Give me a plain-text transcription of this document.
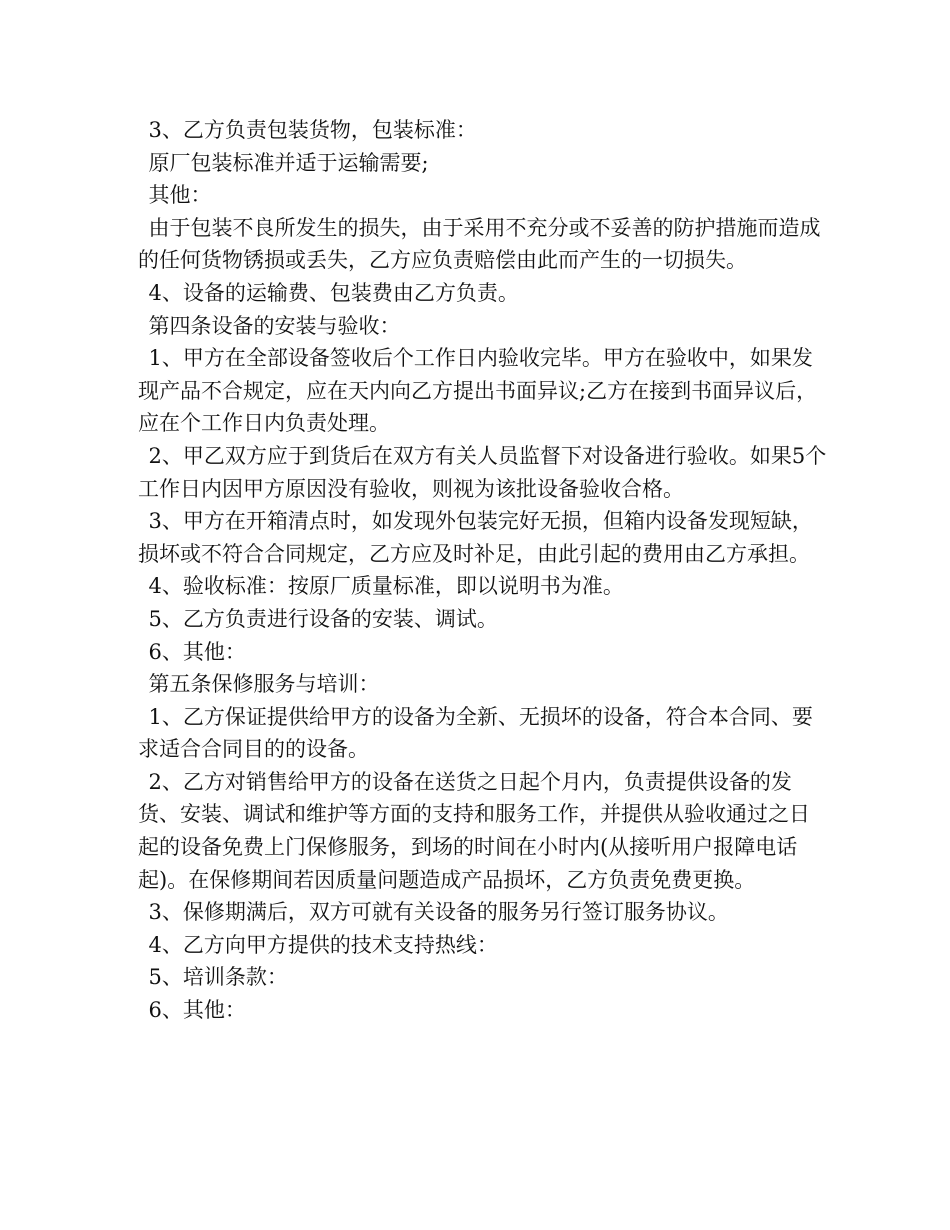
3、乙方负责包装货物，包装标准：

原厂包装标准并适于运输需要;

其他：

由于包装不良所发生的损失，由于采用不充分或不妥善的防护措施而造成的任何货物锈损或丢失，乙方应负责赔偿由此而产生的一切损失。

4、设备的运输费、包装费由乙方负责。

第四条设备的安装与验收：

1、甲方在全部设备签收后个工作日内验收完毕。甲方在验收中，如果发现产品不合规定，应在天内向乙方提出书面异议;乙方在接到书面异议后，应在个工作日内负责处理。

2、甲乙双方应于到货后在双方有关人员监督下对设备进行验收。如果5个工作日内因甲方原因没有验收，则视为该批设备验收合格。

3、甲方在开箱清点时，如发现外包装完好无损，但箱内设备发现短缺，损坏或不符合合同规定，乙方应及时补足，由此引起的费用由乙方承担。

4、验收标准：按原厂质量标准，即以说明书为准。

5、乙方负责进行设备的安装、调试。

6、其他：

第五条保修服务与培训：

1、乙方保证提供给甲方的设备为全新、无损坏的设备，符合本合同、要求适合合同目的的设备。

2、乙方对销售给甲方的设备在送货之日起个月内，负责提供设备的发货、安装、调试和维护等方面的支持和服务工作，并提供从验收通过之日起的设备免费上门保修服务，到场的时间在小时内(从接听用户报障电话起)。在保修期间若因质量问题造成产品损坏，乙方负责免费更换。

3、保修期满后，双方可就有关设备的服务另行签订服务协议。

4、乙方向甲方提供的技术支持热线：

5、培训条款：

6、其他：
